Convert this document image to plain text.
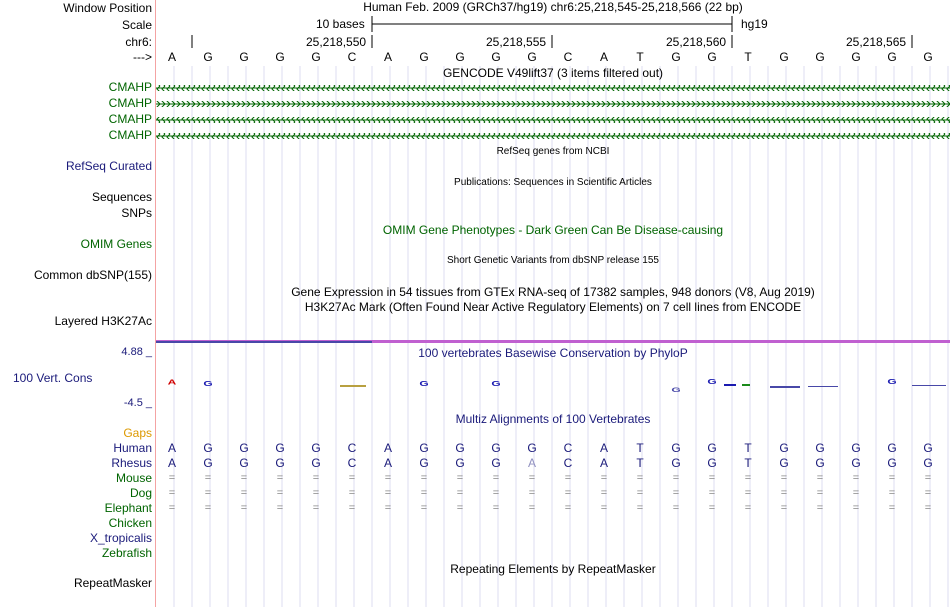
Window Position
Scale
chr6:
--->
CMAHP
CMAHP
CMAHP
CMAHP
RefSeq Curated
Sequences
SNPs
OMIM Genes
Common dbSNP(155)
Layered H3K27Ac
4.88 _
100 Vert. Cons
-4.5 _
Gaps
Human
Rhesus
Mouse
Dog
Elephant
Chicken
X_tropicalis
Zebrafish
RepeatMasker
Human Feb. 2009 (GRCh37/hg19) chr6:25,218,545-25,218,566 (22 bp)
10 bases	hg19
25,218,550	25,218,555	25,218,560	25,218,565
A	G	G	G	G	C	A	G	G	G	G	C	A	T	G	G	T	G	G	G	G	G
GENCODE V49lift37 (3 items filtered out)
RefSeq genes from NCBI
Publications: Sequences in Scientific Articles
OMIM Gene Phenotypes - Dark Green Can Be Disease-causing
Short Genetic Variants from dbSNP release 155
Gene Expression in 54 tissues from GTEx RNA-seq of 17382 samples, 948 donors (V8, Aug 2019)
H3K27Ac Mark (Often Found Near Active Regulatory Elements) on 7 cell lines from ENCODE
100 vertebrates Basewise Conservation by PhyloP
A G	G	G
G
G	G
Multiz Alignments of 100 Vertebrates
A	G	G	G	G	C	A	G	G	G	G	C	A	T	G	G	T	G	G	G	G	G
A	G	G	G	G	C	A	G	G	G	A	C	A	T	G	G	T	G	G	G	G	G
=	=	=	=	=	=	=	=	=	=	=	=	=	=	=	=	=	=	=	=	=	=
=	=	=	=	=	=	=	=	=	=	=	=	=	=	=	=	=	=	=	=	=	=
=	=	=	=	=	=	=	=	=	=	=	=	=	=	=	=	=	=	=	=	=	=
Repeating Elements by RepeatMasker
